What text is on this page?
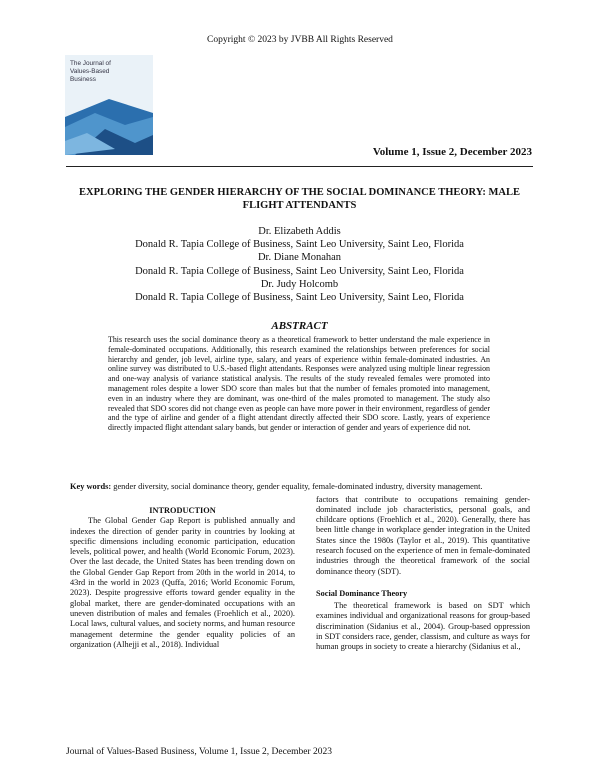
Copyright © 2023 by JVBB All Rights Reserved
The Journal of Values-Based Business
Volume 1, Issue 2, December 2023
EXPLORING THE GENDER HIERARCHY OF THE SOCIAL DOMINANCE THEORY: MALE FLIGHT ATTENDANTS
Dr. Elizabeth Addis
Donald R. Tapia College of Business, Saint Leo University, Saint Leo, Florida
Dr. Diane Monahan
Donald R. Tapia College of Business, Saint Leo University, Saint Leo, Florida
Dr. Judy Holcomb
Donald R. Tapia College of Business, Saint Leo University, Saint Leo, Florida
ABSTRACT
This research uses the social dominance theory as a theoretical framework to better understand the male experience in female-dominated occupations. Additionally, this research examined the relationships between preferences for social hierarchy and gender, job level, airline type, salary, and years of experience within female-dominated industries. An online survey was distributed to U.S.-based flight attendants. Responses were analyzed using multiple linear regression and one-way analysis of variance statistical analysis. The results of the study revealed females were promoted into management roles despite a lower SDO score than males but that the number of females promoted into management, even in an industry where they are dominant, was one-third of the males promoted to management. The study also revealed that SDO scores did not change even as people can have more power in their environment, regardless of gender and the type of airline and gender of a flight attendant directly affected their SDO score. Lastly, years of experience directly impacted flight attendant salary bands, but gender or interaction of gender and years of experience did not.
Key words: gender diversity, social dominance theory, gender equality, female-dominated industry, diversity management.
INTRODUCTION

The Global Gender Gap Report is published annually and indexes the direction of gender parity in countries by looking at specific dimensions including economic participation, education levels, political power, and health (World Economic Forum, 2023). Over the last decade, the United States has been trending down on the Global Gender Gap Report from 20th in the world in 2014, to 43rd in the world in 2023 (Quffa, 2016; World Economic Forum, 2023). Despite progressive efforts toward gender equality in the global market, there are gender-dominated occupations with an uneven distribution of males and females (Froehlich et al., 2020). Local laws, cultural values, and society norms, and human resource management determine the gender equality policies of an organization (Alhejji et al., 2018). Individual

factors that contribute to occupations remaining gender-dominated include job characteristics, personal goals, and childcare options (Froehlich et al., 2020). Generally, there has been little change in workplace gender integration in the United States since the 1980s (Taylor et al., 2019). This quantitative research focused on the experience of men in female-dominated industries through the theoretical framework of the social dominance theory (SDT).

Social Dominance Theory

The theoretical framework is based on SDT which examines individual and organizational reasons for group-based discrimination (Sidanius et al., 2004). Group-based oppression in SDT considers race, gender, classism, and culture as ways for human groups in society to create a hierarchy (Sidanius et al.,

Journal of Values-Based Business, Volume 1, Issue 2, December 2023
